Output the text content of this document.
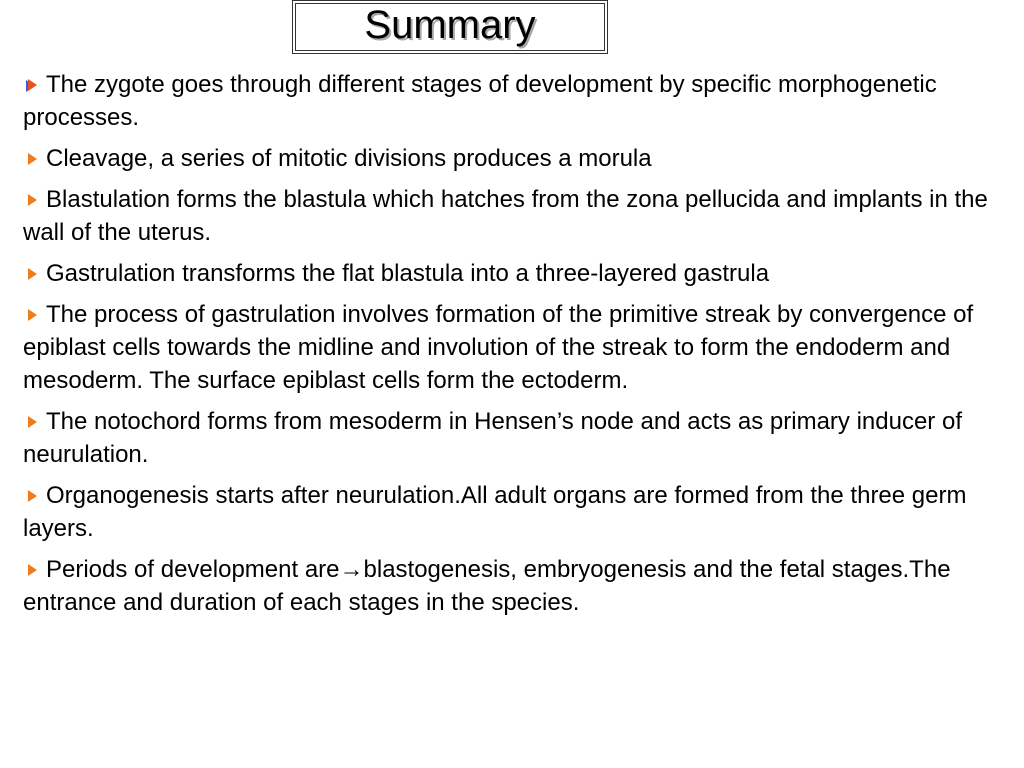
Summary
The zygote goes through different stages of development by specific morphogenetic processes.
Cleavage, a series of mitotic divisions produces a morula
Blastulation forms the blastula which hatches from the zona pellucida and implants in the wall of the uterus.
Gastrulation transforms the flat blastula into a three-layered gastrula
The process of gastrulation involves formation of the primitive streak by convergence of epiblast cells towards the midline and involution of the streak to form the endoderm and mesoderm. The surface epiblast cells form the ectoderm.
The notochord forms from mesoderm in Hensen’s node and acts as primary inducer of neurulation.
Organogenesis starts after neurulation.All adult organs are formed from the three germ layers.
Periods of development are→blastogenesis, embryogenesis and the fetal stages.The entrance and duration of each stages in the species.
